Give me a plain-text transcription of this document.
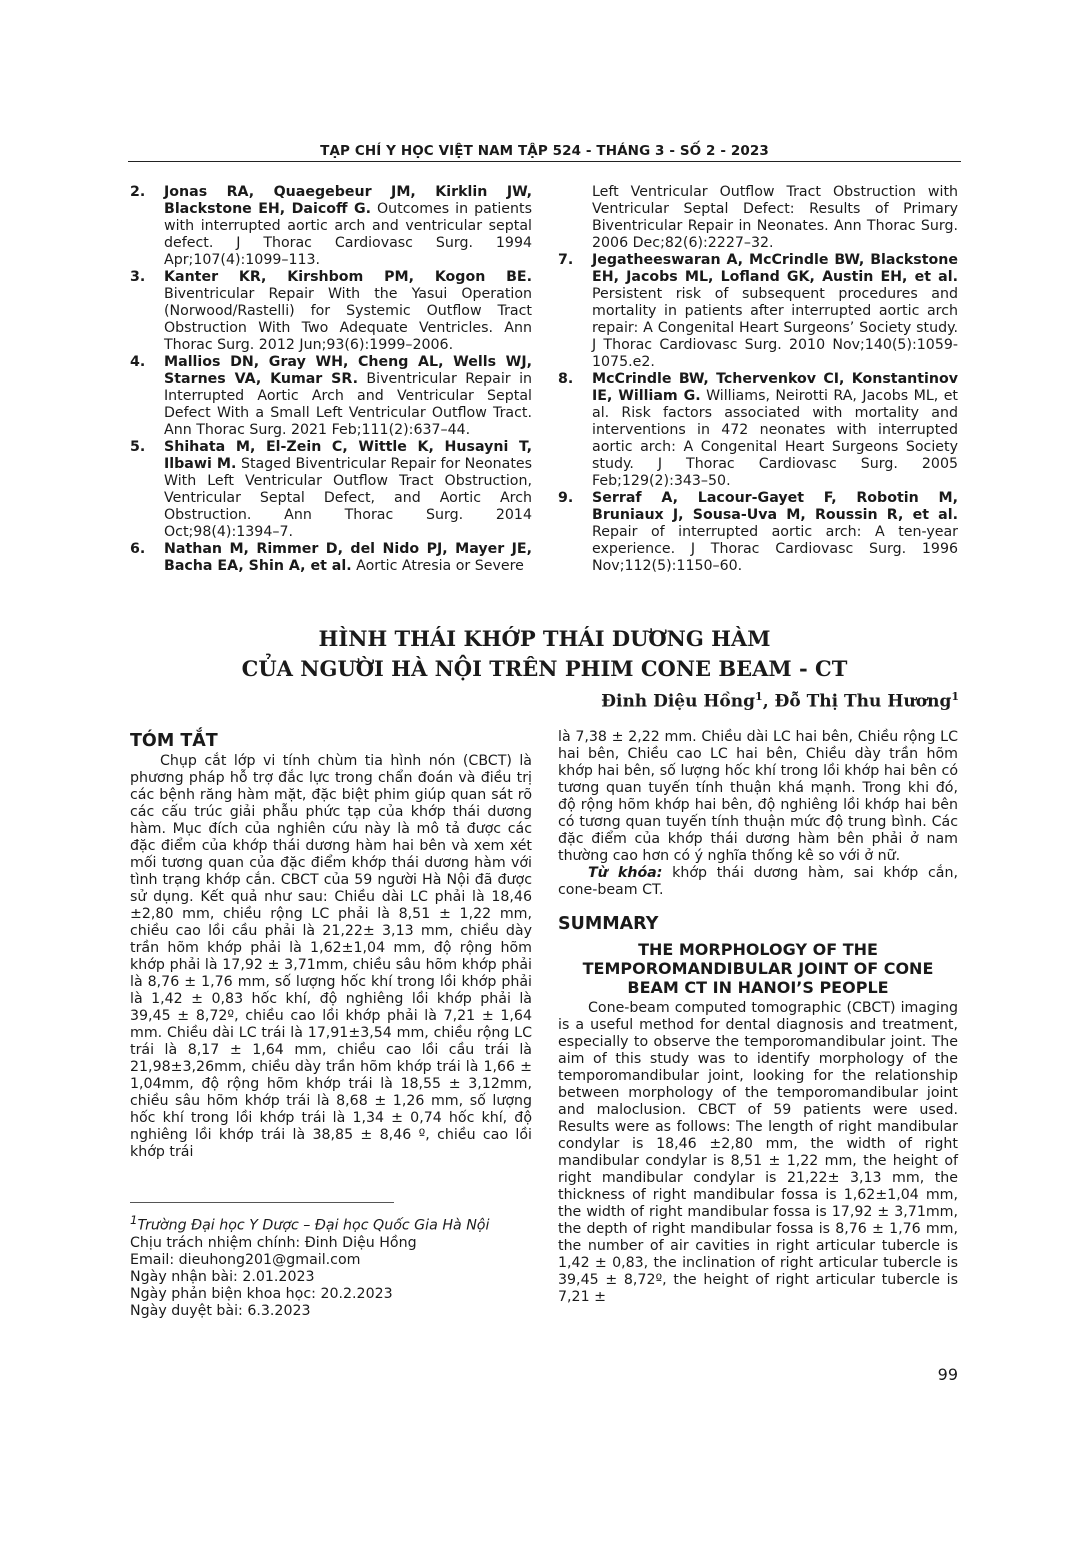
TẠP CHÍ Y HỌC VIỆT NAM TẬP 524 - THÁNG 3 - SỐ 2 - 2023
2.	Jonas RA, Quaegebeur JM, Kirklin JW, Blackstone EH, Daicoff G. Outcomes in patients with interrupted aortic arch and ventricular septal defect. J Thorac Cardiovasc Surg. 1994 Apr;107(4):1099–113.
3.	Kanter KR, Kirshbom PM, Kogon BE. Biventricular Repair With the Yasui Operation (Norwood/Rastelli) for Systemic Outflow Tract Obstruction With Two Adequate Ventricles. Ann Thorac Surg. 2012 Jun;93(6):1999–2006.
4.	Mallios DN, Gray WH, Cheng AL, Wells WJ, Starnes VA, Kumar SR. Biventricular Repair in Interrupted Aortic Arch and Ventricular Septal Defect With a Small Left Ventricular Outflow Tract. Ann Thorac Surg. 2021 Feb;111(2):637–44.
5.	Shihata M, El-Zein C, Wittle K, Husayni T, Ilbawi M. Staged Biventricular Repair for Neonates With Left Ventricular Outflow Tract Obstruction, Ventricular Septal Defect, and Aortic Arch Obstruction. Ann Thorac Surg. 2014 Oct;98(4):1394–7.
6.	Nathan M, Rimmer D, del Nido PJ, Mayer JE, Bacha EA, Shin A, et al. Aortic Atresia or Severe
Left Ventricular Outflow Tract Obstruction with Ventricular Septal Defect: Results of Primary Biventricular Repair in Neonates. Ann Thorac Surg. 2006 Dec;82(6):2227–32.
7.	Jegatheeswaran A, McCrindle BW, Blackstone EH, Jacobs ML, Lofland GK, Austin EH, et al. Persistent risk of subsequent procedures and mortality in patients after interrupted aortic arch repair: A Congenital Heart Surgeons’ Society study. J Thorac Cardiovasc Surg. 2010 Nov;140(5):1059-1075.e2.
8.	McCrindle BW, Tchervenkov CI, Konstantinov IE, William G. Williams, Neirotti RA, Jacobs ML, et al. Risk factors associated with mortality and interventions in 472 neonates with interrupted aortic arch: A Congenital Heart Surgeons Society study. J Thorac Cardiovasc Surg. 2005 Feb;129(2):343–50.
9.	Serraf A, Lacour-Gayet F, Robotin M, Bruniaux J, Sousa-Uva M, Roussin R, et al. Repair of interrupted aortic arch: A ten-year experience. J Thorac Cardiovasc Surg. 1996 Nov;112(5):1150–60.
HÌNH THÁI KHỚP THÁI DƯƠNG HÀM
CỦA NGƯỜI HÀ NỘI TRÊN PHIM CONE BEAM - CT
Đinh Diệu Hồng$^1$, Đỗ Thị Thu Hương$^1$
TÓM TẮT

Chụp cắt lớp vi tính chùm tia hình nón (CBCT) là phương pháp hỗ trợ đắc lực trong chẩn đoán và điều trị các bệnh răng hàm mặt, đặc biệt phim giúp quan sát rõ các cấu trúc giải phẫu phức tạp của khớp thái dương hàm. Mục đích của nghiên cứu này là mô tả được các đặc điểm của khớp thái dương hàm hai bên và xem xét mối tương quan của đặc điểm khớp thái dương hàm với tình trạng khớp cắn. CBCT của 59 người Hà Nội đã được sử dụng. Kết quả như sau: Chiều dài LC phải là 18,46 ±2,80 mm, chiều rộng LC phải là 8,51 ± 1,22 mm, chiều cao lồi cầu phải là 21,22± 3,13 mm, chiều dày trần hõm khớp phải là 1,62±1,04 mm, độ rộng hõm khớp phải là 17,92 ± 3,71mm, chiều sâu hõm khớp phải là 8,76 ± 1,76 mm, số lượng hốc khí trong lồi khớp phải là 1,42 ± 0,83 hốc khí, độ nghiêng lồi khớp phải là 39,45 ± 8,72º, chiều cao lồi khớp phải là 7,21 ± 1,64 mm. Chiều dài LC trái là 17,91±3,54 mm, chiều rộng LC trái là 8,17 ± 1,64 mm, chiều cao lồi cầu trái là 21,98±3,26mm, chiều dày trần hõm khớp trái là 1,66 ± 1,04mm, độ rộng hõm khớp trái là 18,55 ± 3,12mm, chiều sâu hõm khớp trái là 8,68 ± 1,26 mm, số lượng hốc khí trong lồi khớp trái là 1,34 ± 0,74 hốc khí, độ nghiêng lồi khớp trái là 38,85 ± 8,46 º, chiều cao lồi khớp trái

là 7,38 ± 2,22 mm. Chiều dài LC hai bên, Chiều rộng LC hai bên, Chiều cao LC hai bên, Chiều dày trần hõm khớp hai bên, số lượng hốc khí trong lồi khớp hai bên có tương quan tuyến tính thuận khá mạnh. Trong khi đó, độ rộng hõm khớp hai bên, độ nghiêng lồi khớp hai bên có tương quan tuyến tính thuận mức độ trung bình. Các đặc điểm của khớp thái dương hàm bên phải ở nam thường cao hơn có ý nghĩa thống kê so với ở nữ.

Từ khóa: khớp thái dương hàm, sai khớp cắn, cone-beam CT.

SUMMARY
THE MORPHOLOGY OF THE TEMPOROMANDIBULAR JOINT OF CONE BEAM CT IN HANOI’S PEOPLE

Cone-beam computed tomographic (CBCT) imaging is a useful method for dental diagnosis and treatment, especially to observe the temporomandibular joint. The aim of this study was to identify morphology of the temporomandibular joint, looking for the relationship between morphology of the temporomandibular joint and maloclusion. CBCT of 59 patients were used. Results were as follows: The length of right mandibular condylar is 18,46 ±2,80 mm, the width of right mandibular condylar is 8,51 ± 1,22 mm, the height of right mandibular condylar is 21,22± 3,13 mm, the thickness of right mandibular fossa is 1,62±1,04 mm, the width of right mandibular fossa is 17,92 ± 3,71mm, the depth of right mandibular fossa is 8,76 ± 1,76 mm, the number of air cavities in right articular tubercle is 1,42 ± 0,83, the inclination of right articular tubercle is 39,45 ± 8,72º, the height of right articular tubercle is 7,21 ±

$^1$Trường Đại học Y Dược – Đại học Quốc Gia Hà Nội
Chịu trách nhiệm chính: Đinh Diệu Hồng
Email: dieuhong201@gmail.com
Ngày nhận bài: 2.01.2023
Ngày phản biện khoa học: 20.2.2023
Ngày duyệt bài: 6.3.2023
99
